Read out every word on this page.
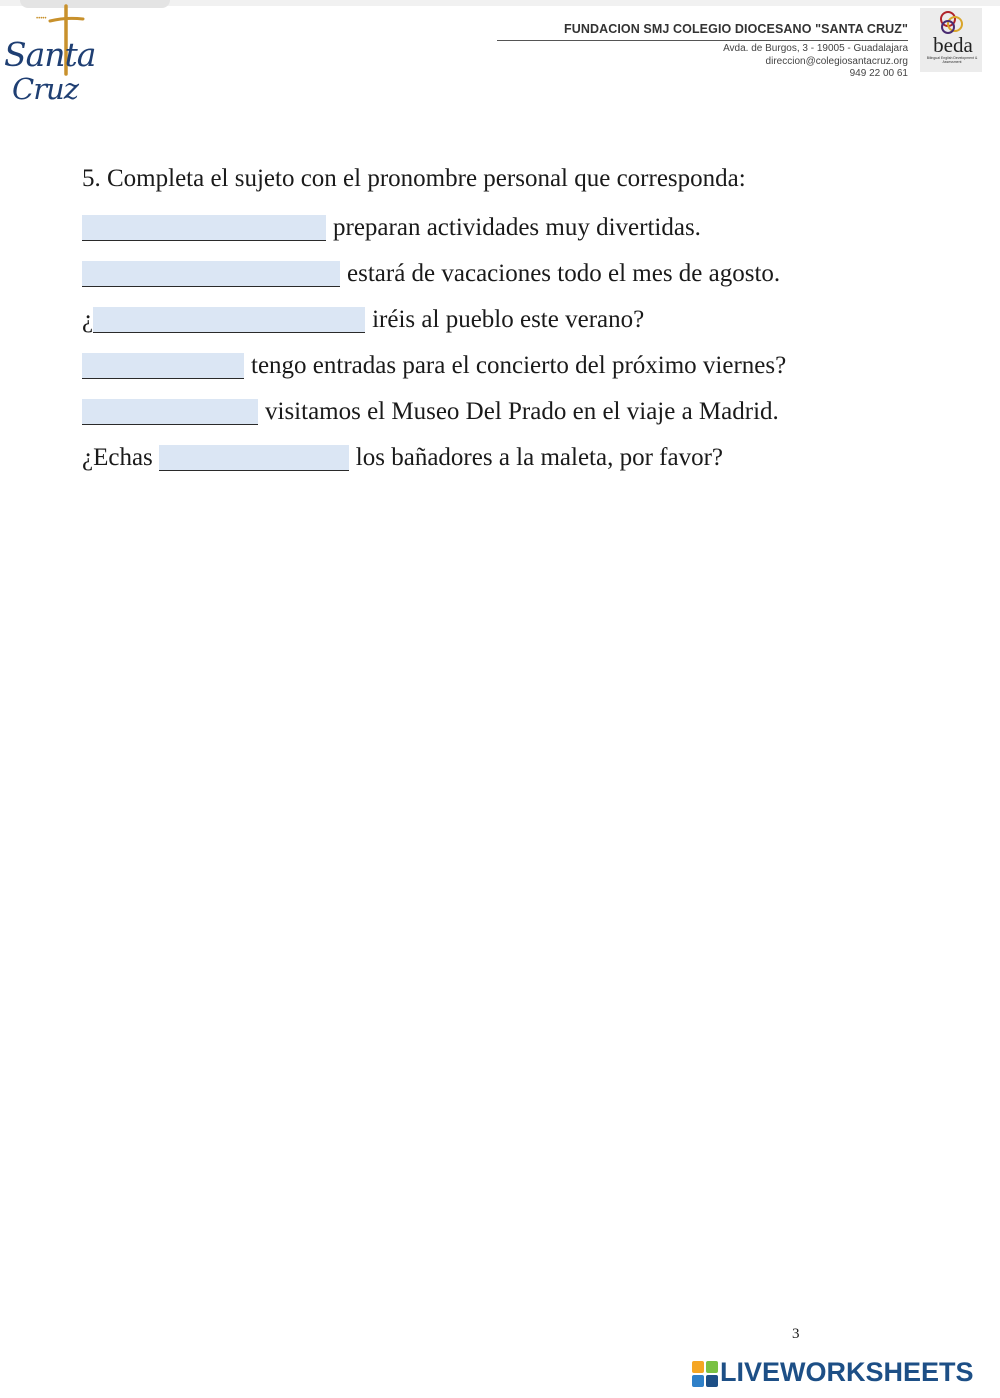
•••••
Santa
Cruz
FUNDACION SMJ COLEGIO DIOCESANO "SANTA CRUZ"
Avda. de Burgos, 3 - 19005 - Guadalajara
direccion@colegiosantacruz.org
949 22 00 61
beda
Bilingual English Development & Assessment
5. Completa el sujeto con el pronombre personal que corresponda:
preparan actividades muy divertidas.
estará de vacaciones todo el mes de agosto.
¿	iréis al pueblo este verano?
tengo entradas para el concierto del próximo viernes?
visitamos el Museo Del Prado en el viaje a Madrid.
¿Echas	los bañadores a la maleta, por favor?
3
LIVEWORKSHEETS
